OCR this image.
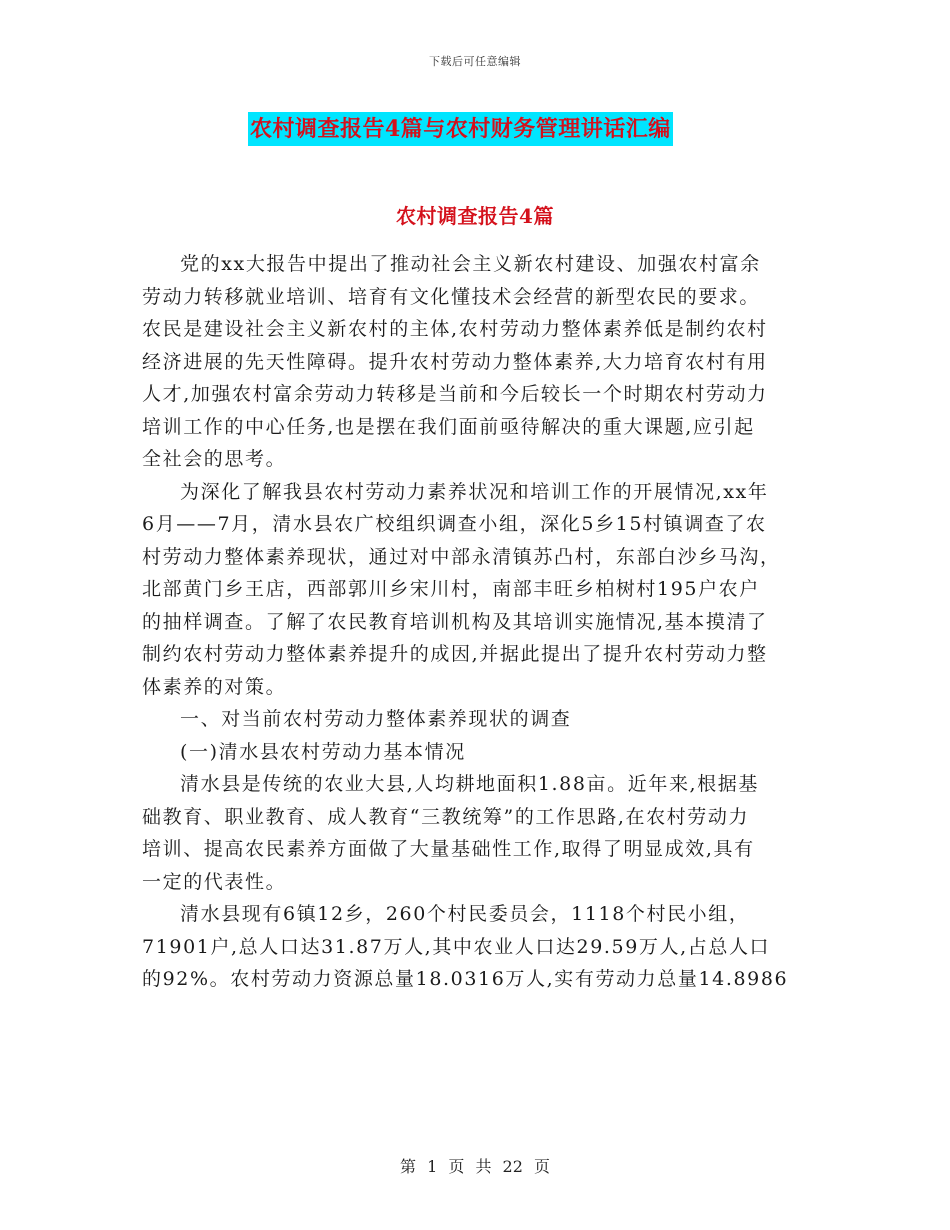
下载后可任意编辑
农村调查报告4篇与农村财务管理讲话汇编
农村调查报告4篇

党的xx大报告中提出了推动社会主义新农村建设、加强农村富余
劳动力转移就业培训、培育有文化懂技术会经营的新型农民的要求。
农民是建设社会主义新农村的主体,农村劳动力整体素养低是制约农村
经济进展的先天性障碍。提升农村劳动力整体素养,大力培育农村有用
人才,加强农村富余劳动力转移是当前和今后较长一个时期农村劳动力
培训工作的中心任务,也是摆在我们面前亟待解决的重大课题,应引起
全社会的思考。

为深化了解我县农村劳动力素养状况和培训工作的开展情况,xx年
6月——7月，清水县农广校组织调查小组，深化5乡15村镇调查了农
村劳动力整体素养现状，通过对中部永清镇苏凸村，东部白沙乡马沟，
北部黄门乡王店，西部郭川乡宋川村，南部丰旺乡柏树村195户农户
的抽样调查。了解了农民教育培训机构及其培训实施情况,基本摸清了
制约农村劳动力整体素养提升的成因,并据此提出了提升农村劳动力整
体素养的对策。

一、对当前农村劳动力整体素养现状的调查

(一)清水县农村劳动力基本情况

清水县是传统的农业大县,人均耕地面积1.88亩。近年来,根据基
础教育、职业教育、成人教育“三教统筹”的工作思路,在农村劳动力
培训、提高农民素养方面做了大量基础性工作,取得了明显成效,具有
一定的代表性。

清水县现有6镇12乡，260个村民委员会，1118个村民小组，
71901户,总人口达31.87万人,其中农业人口达29.59万人,占总人口
的92%。农村劳动力资源总量18.0316万人,实有劳动力总量14.8986

第 1 页 共 22 页
